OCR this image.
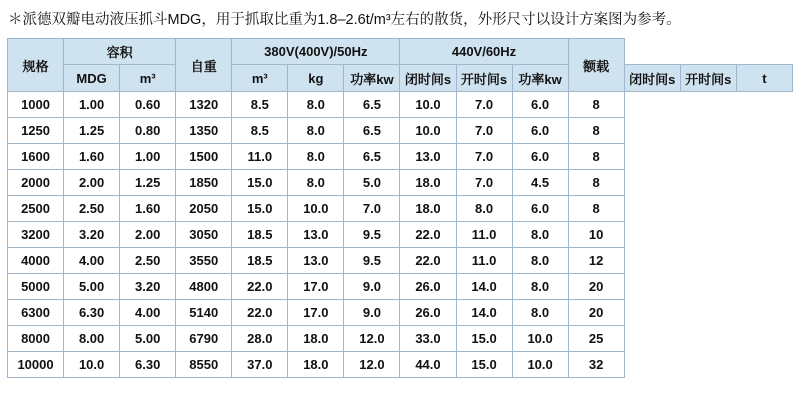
＊派德双瓣电动液压抓斗MDG，用于抓取比重为1.8–2.6t/m³左右的散货，外形尺寸以设计方案图为参考。
规格	容积		自重	380V(400V)/50Hz			440V/60Hz			额载			
	MDG	m³		m³	kg	功率kw	闭时间s	开时间s	功率kw		闭时间s	开时间s	t
1000	1.00	0.60	1320	8.5	8.0	6.5	10.0	7.0	6.0	8			
1250	1.25	0.80	1350	8.5	8.0	6.5	10.0	7.0	6.0	8			
1600	1.60	1.00	1500	11.0	8.0	6.5	13.0	7.0	6.0	8			
2000	2.00	1.25	1850	15.0	8.0	5.0	18.0	7.0	4.5	8			
2500	2.50	1.60	2050	15.0	10.0	7.0	18.0	8.0	6.0	8			
3200	3.20	2.00	3050	18.5	13.0	9.5	22.0	11.0	8.0	10			
4000	4.00	2.50	3550	18.5	13.0	9.5	22.0	11.0	8.0	12			
5000	5.00	3.20	4800	22.0	17.0	9.0	26.0	14.0	8.0	20			
6300	6.30	4.00	5140	22.0	17.0	9.0	26.0	14.0	8.0	20			
8000	8.00	5.00	6790	28.0	18.0	12.0	33.0	15.0	10.0	25			
10000	10.0	6.30	8550	37.0	18.0	12.0	44.0	15.0	10.0	32			
